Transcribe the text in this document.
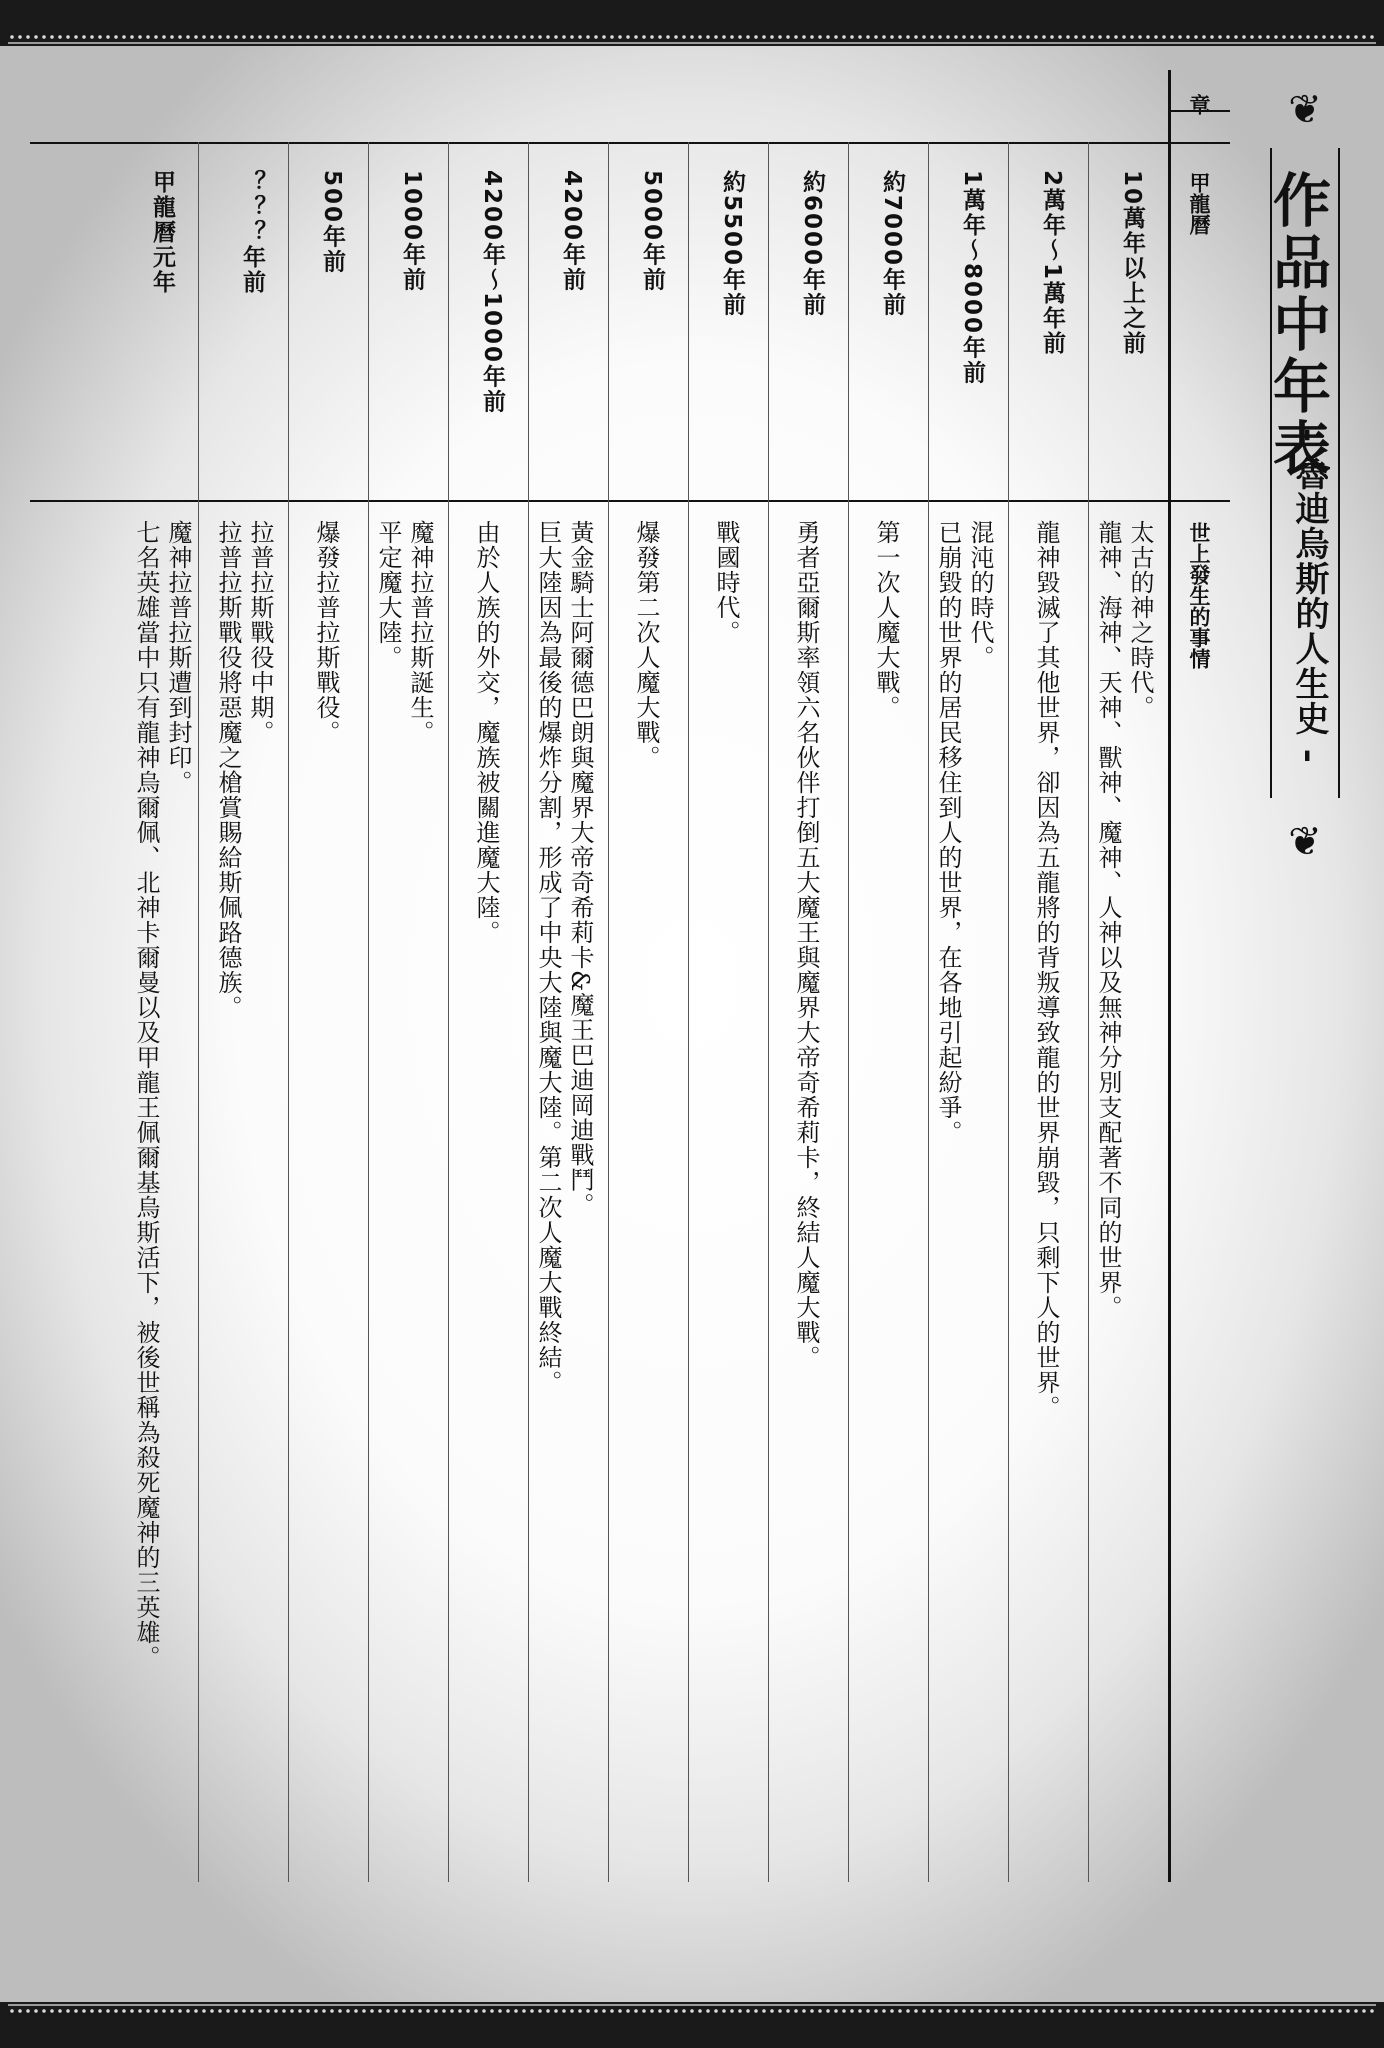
❦
❦
作品中年表
- 魯迪烏斯的人生史 -
章
甲龍曆
世上發生的事情
10萬年以上之前
太古的神之時代。
龍神、海神、天神、獸神、魔神、人神以及無神分別支配著不同的世界。
2萬年～1萬年前
龍神毀滅了其他世界，卻因為五龍將的背叛導致龍的世界崩毀，只剩下人的世界。
1萬年～8000年前
混沌的時代。
已崩毀的世界的居民移住到人的世界，在各地引起紛爭。
約7000年前
第一次人魔大戰。
約6000年前
勇者亞爾斯率領六名伙伴打倒五大魔王與魔界大帝奇希莉卡，終結人魔大戰。
約5500年前
戰國時代。
5000年前
爆發第二次人魔大戰。
4200年前
黃金騎士阿爾德巴朗與魔界大帝奇希莉卡&魔王巴迪岡迪戰鬥。
巨大陸因為最後的爆炸分割，形成了中央大陸與魔大陸。第二次人魔大戰終結。
4200年～1000年前
由於人族的外交，魔族被關進魔大陸。
1000年前
魔神拉普拉斯誕生。
平定魔大陸。
500年前
爆發拉普拉斯戰役。
？？？年前
拉普拉斯戰役中期。
拉普拉斯戰役將惡魔之槍賞賜給斯佩路德族。
甲龍曆元年
魔神拉普拉斯遭到封印。
七名英雄當中只有龍神烏爾佩、北神卡爾曼以及甲龍王佩爾基烏斯活下，被後世稱為殺死魔神的三英雄。
